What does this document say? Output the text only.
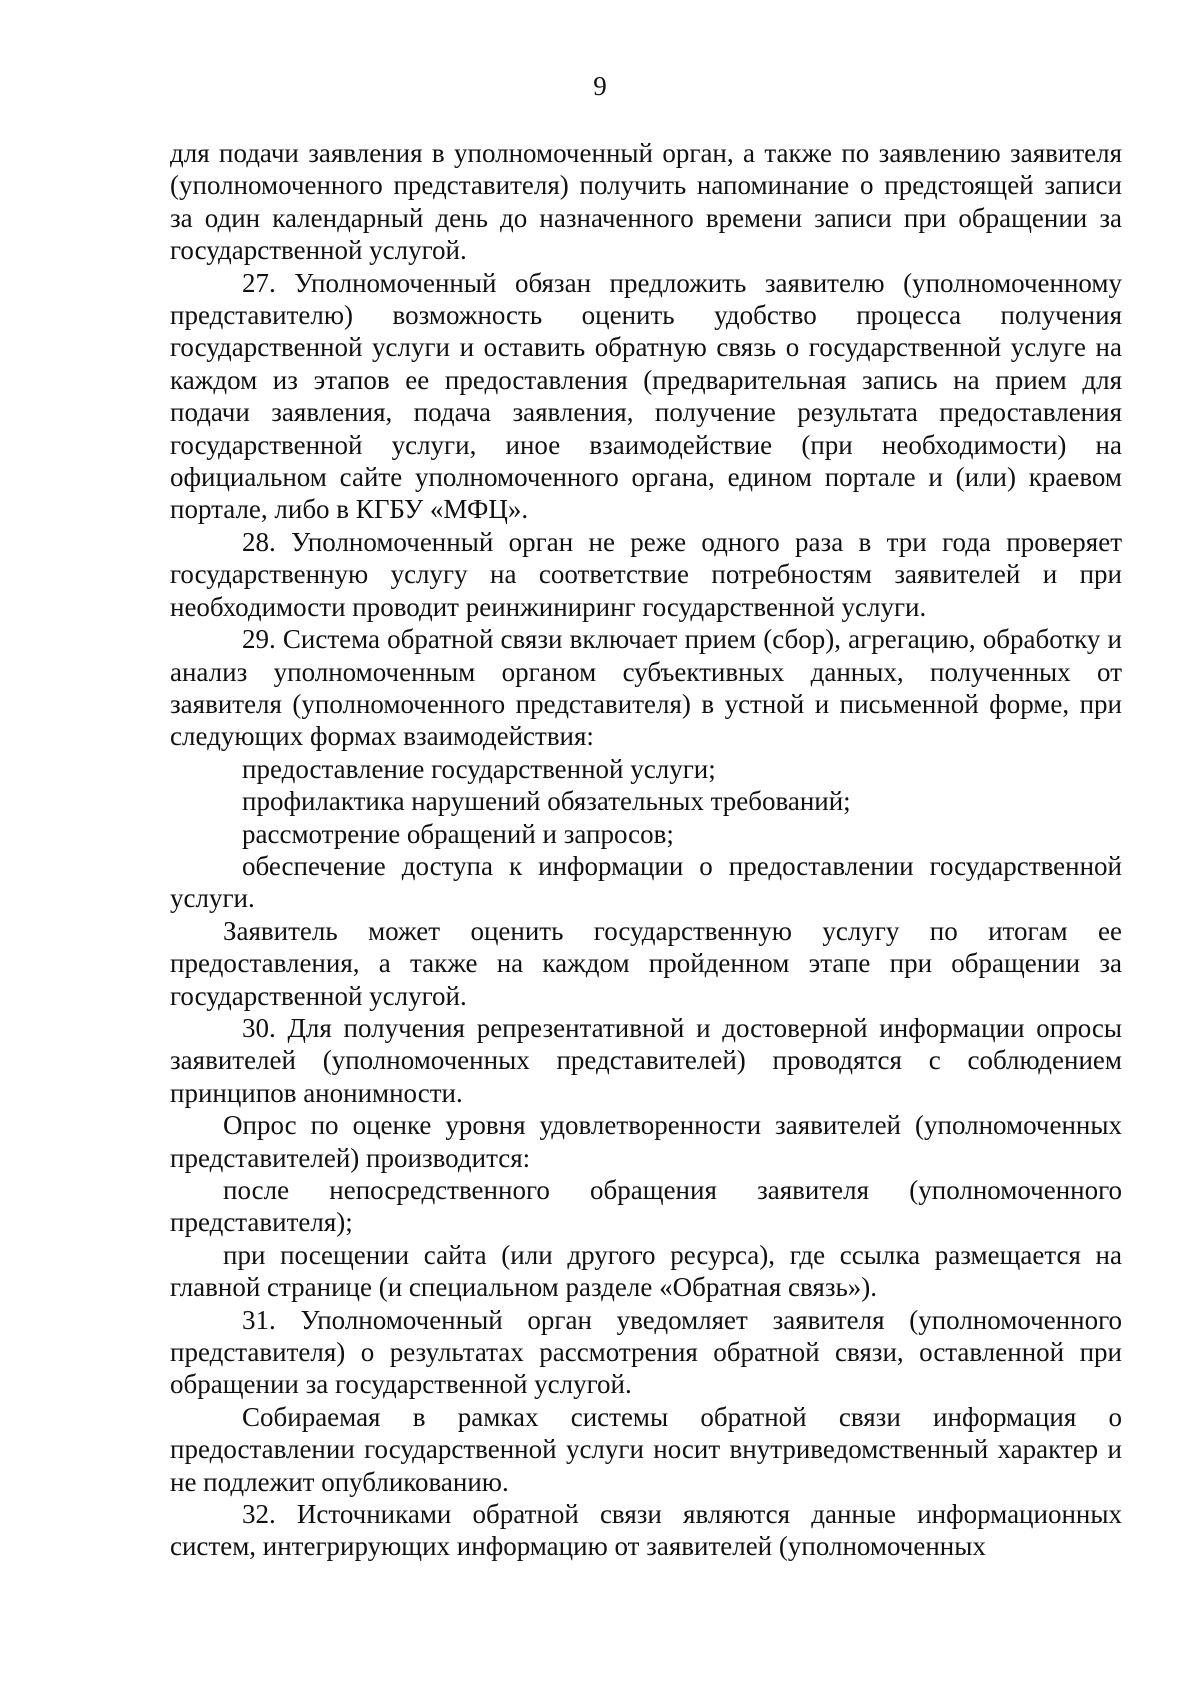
9

для подачи заявления в уполномоченный орган, а также по заявлению заявителя (уполномоченного представителя) получить напоминание о предстоящей записи за один календарный день до назначенного времени записи при обращении за государственной услугой.

27. Уполномоченный обязан предложить заявителю (уполномоченному представителю) возможность оценить удобство процесса получения государственной услуги и оставить обратную связь о государственной услуге на каждом из этапов ее предоставления (предварительная запись на прием для подачи заявления, подача заявления, получение результата предоставления государственной услуги, иное взаимодействие (при необходимости) на официальном сайте уполномоченного органа, едином портале и (или) краевом портале, либо в КГБУ «МФЦ».

28. Уполномоченный орган не реже одного раза в три года проверяет государственную услугу на соответствие потребностям заявителей и при необходимости проводит реинжиниринг государственной услуги.

29. Система обратной связи включает прием (сбор), агрегацию, обработку и анализ уполномоченным органом субъективных данных, полученных от заявителя (уполномоченного представителя) в устной и письменной форме, при следующих формах взаимодействия:

предоставление государственной услуги;

профилактика нарушений обязательных требований;

рассмотрение обращений и запросов;

обеспечение доступа к информации о предоставлении государственной услуги.

Заявитель может оценить государственную услугу по итогам ее предоставления, а также на каждом пройденном этапе при обращении за государственной услугой.

30. Для получения репрезентативной и достоверной информации опросы заявителей (уполномоченных представителей) проводятся с соблюдением принципов анонимности.

Опрос по оценке уровня удовлетворенности заявителей (уполномоченных представителей) производится:

после непосредственного обращения заявителя (уполномоченного представителя);

при посещении сайта (или другого ресурса), где ссылка размещается на главной странице (и специальном разделе «Обратная связь»).

31. Уполномоченный орган уведомляет заявителя (уполномоченного представителя) о результатах рассмотрения обратной связи, оставленной при обращении за государственной услугой.

Собираемая в рамках системы обратной связи информация о предоставлении государственной услуги носит внутриведомственный характер и не подлежит опубликованию.

32. Источниками обратной связи являются данные информационных систем, интегрирующих информацию от заявителей (уполномоченных
